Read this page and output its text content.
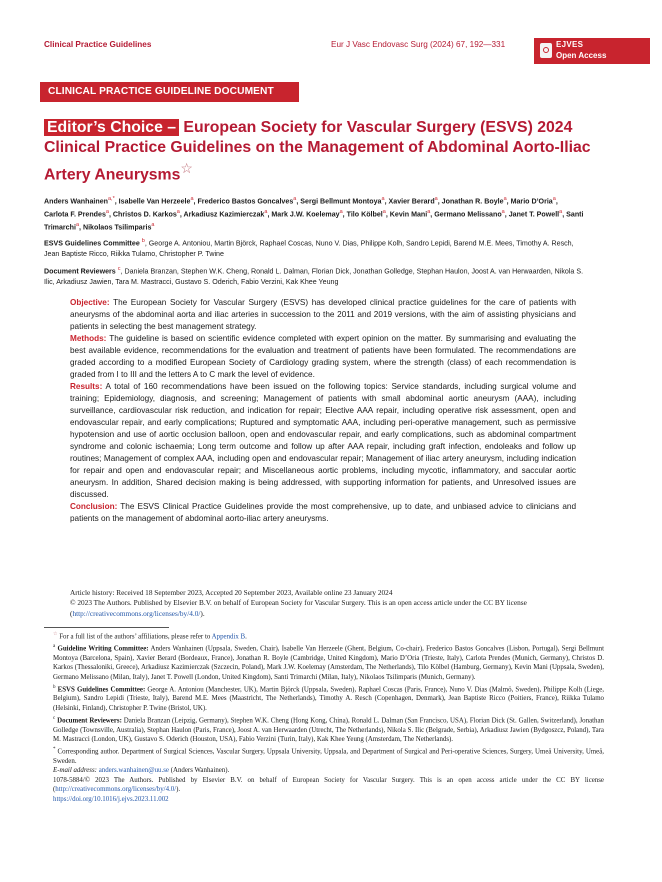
Clinical Practice Guidelines	Eur J Vasc Endovasc Surg (2024) 67, 192—331	EJVES
Open Access
CLINICAL PRACTICE GUIDELINE DOCUMENT
Editor’s Choice – European Society for Vascular Surgery (ESVS) 2024 Clinical Practice Guidelines on the Management of Abdominal Aorto-Iliac Artery Aneurysms☆
Anders Wanhainen$^{a,*}$, Isabelle Van Herzeele$^a$, Frederico Bastos Goncalves$^a$, Sergi Bellmunt Montoya$^a$, Xavier Berard$^a$, Jonathan R. Boyle$^a$, Mario D’Oria$^a$, Carlota F. Prendes$^a$, Christos D. Karkos$^a$, Arkadiusz Kazimierczak$^a$, Mark J.W. Koelemay$^a$, Tilo Kölbel$^a$, Kevin Mani$^a$, Germano Melissano$^a$, Janet T. Powell$^a$, Santi Trimarchi$^a$, Nikolaos Tsilimparis$^a$
ESVS Guidelines Committee $^b$, George A. Antoniou, Martin Björck, Raphael Coscas, Nuno V. Dias, Philippe Kolh, Sandro Lepidi, Barend M.E. Mees, Timothy A. Resch, Jean Baptiste Ricco, Riikka Tulamo, Christopher P. Twine
Document Reviewers $^c$, Daniela Branzan, Stephen W.K. Cheng, Ronald L. Dalman, Florian Dick, Jonathan Golledge, Stephan Haulon, Joost A. van Herwaarden, Nikola S. Ilic, Arkadiusz Jawien, Tara M. Mastracci, Gustavo S. Oderich, Fabio Verzini, Kak Khee Yeung

Objective: The European Society for Vascular Surgery (ESVS) has developed clinical practice guidelines for the care of patients with aneurysms of the abdominal aorta and iliac arteries in succession to the 2011 and 2019 versions, with the aim of assisting physicians and patients in selecting the best management strategy.

Methods: The guideline is based on scientific evidence completed with expert opinion on the matter. By summarising and evaluating the best available evidence, recommendations for the evaluation and treatment of patients have been formulated. The recommendations are graded according to a modified European Society of Cardiology grading system, where the strength (class) of each recommendation is graded from I to III and the letters A to C mark the level of evidence.

Results: A total of 160 recommendations have been issued on the following topics: Service standards, including surgical volume and training; Epidemiology, diagnosis, and screening; Management of patients with small abdominal aortic aneurysm (AAA), including surveillance, cardiovascular risk reduction, and indication for repair; Elective AAA repair, including operative risk assessment, open and endovascular repair, and early complications; Ruptured and symptomatic AAA, including peri-operative management, such as permissive hypotension and use of aortic occlusion balloon, open and endovascular repair, and early complications, such as abdominal compartment syndrome and colonic ischaemia; Long term outcome and follow up after AAA repair, including graft infection, endoleaks and follow up routines; Management of complex AAA, including open and endovascular repair; Management of iliac artery aneurysm, including indication for repair and open and endovascular repair; and Miscellaneous aortic problems, including mycotic, inflammatory, and saccular aortic aneurysm. In addition, Shared decision making is being addressed, with supporting information for patients, and Unresolved issues are discussed.

Conclusion: The ESVS Clinical Practice Guidelines provide the most comprehensive, up to date, and unbiased advice to clinicians and patients on the management of abdominal aorto-iliac artery aneurysms.

Article history: Received 18 September 2023, Accepted 20 September 2023, Available online 23 January 2024

© 2023 The Authors. Published by Elsevier B.V. on behalf of European Society for Vascular Surgery. This is an open access article under the CC BY license (http://creativecommons.org/licenses/by/4.0/).

☆ For a full list of the authors’ affiliations, please refer to Appendix B.

$^a$ Guideline Writing Committee: Anders Wanhainen (Uppsala, Sweden, Chair), Isabelle Van Herzeele (Ghent, Belgium, Co-chair), Frederico Bastos Goncalves (Lisbon, Portugal), Sergi Bellmunt Montoya (Barcelona, Spain), Xavier Berard (Bordeaux, France), Jonathan R. Boyle (Cambridge, United Kingdom), Mario D’Oria (Trieste, Italy), Carlota Prendes (Munich, Germany), Christos D. Karkos (Thessaloniki, Greece), Arkadiusz Kazimierczak (Szczecin, Poland), Mark J.W. Koelemay (Amsterdam, The Netherlands), Tilo Kölbel (Hamburg, Germany), Kevin Mani (Uppsala, Sweden), Germano Melissano (Milan, Italy), Janet T. Powell (London, United Kingdom), Santi Trimarchi (Milan, Italy), Nikolaos Tsilimparis (Munich, Germany).

$^b$ ESVS Guidelines Committee: George A. Antoniou (Manchester, UK), Martin Björck (Uppsala, Sweden), Raphael Coscas (Paris, France), Nuno V. Dias (Malmö, Sweden), Philippe Kolh (Liege, Belgium), Sandro Lepidi (Trieste, Italy), Barend M.E. Mees (Maastricht, The Netherlands), Timothy A. Resch (Copenhagen, Denmark), Jean Baptiste Ricco (Poitiers, France), Riikka Tulamo (Helsinki, Finland), Christopher P. Twine (Bristol, UK).

$^c$ Document Reviewers: Daniela Branzan (Leipzig, Germany), Stephen W.K. Cheng (Hong Kong, China), Ronald L. Dalman (San Francisco, USA), Florian Dick (St. Gallen, Switzerland), Jonathan Golledge (Townsville, Australia), Stephan Haulon (Paris, France), Joost A. van Herwaarden (Utrecht, The Netherlands), Nikola S. Ilic (Belgrade, Serbia), Arkadiusz Jawien (Bydgoszcz, Poland), Tara M. Mastracci (London, UK), Gustavo S. Oderich (Houston, USA), Fabio Verzini (Turin, Italy), Kak Khee Yeung (Amsterdam, The Netherlands).

* Corresponding author. Department of Surgical Sciences, Vascular Surgery, Uppsala University, Uppsala, and Department of Surgical and Peri-operative Sciences, Surgery, Umeå University, Umeå, Sweden.

E-mail address: anders.wanhainen@uu.se (Anders Wanhainen).

1078-5884/© 2023 The Authors. Published by Elsevier B.V. on behalf of European Society for Vascular Surgery. This is an open access article under the CC BY license (http://creativecommons.org/licenses/by/4.0/).

https://doi.org/10.1016/j.ejvs.2023.11.002
